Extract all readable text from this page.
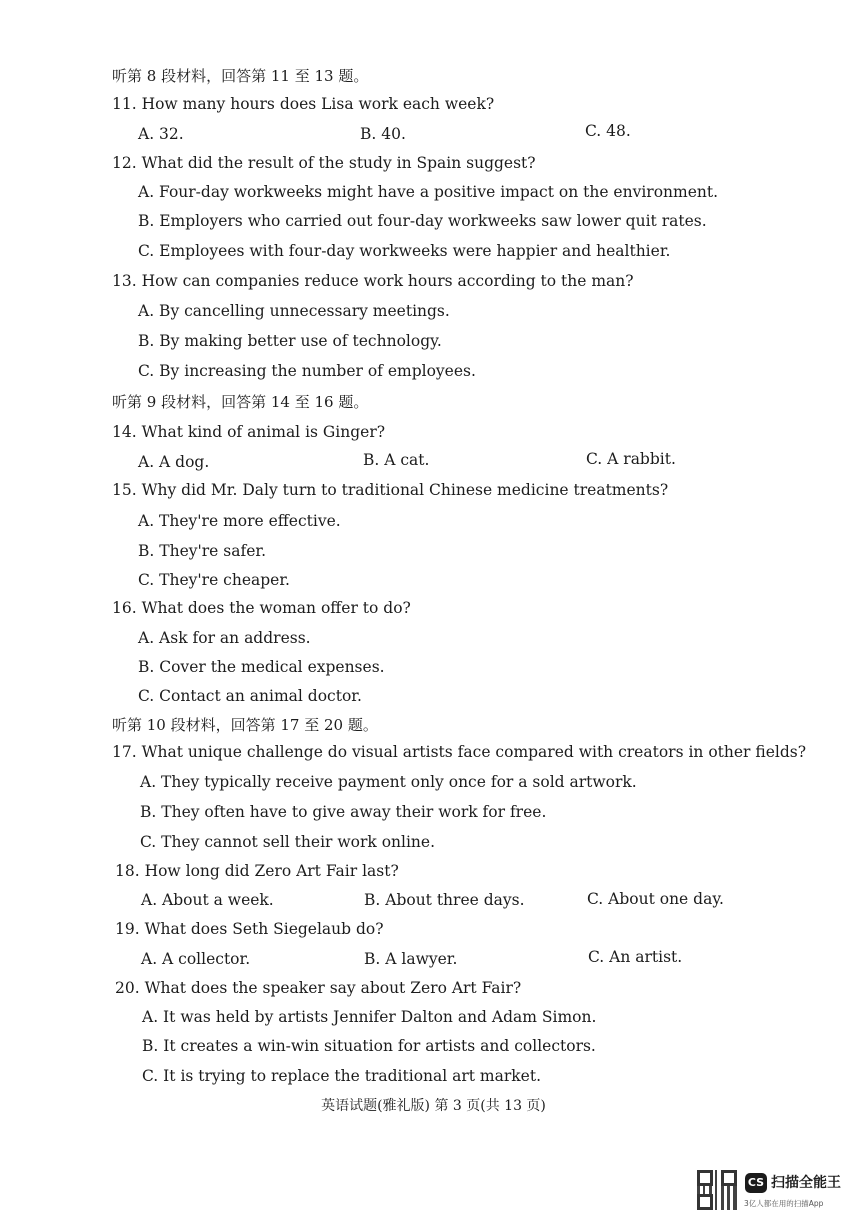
听第 8 段材料，回答第 11 至 13 题。
11. How many hours does Lisa work each week?
A. 32.	B. 40.	C. 48.
12. What did the result of the study in Spain suggest?
A. Four-day workweeks might have a positive impact on the environment.
B. Employers who carried out four-day workweeks saw lower quit rates.
C. Employees with four-day workweeks were happier and healthier.
13. How can companies reduce work hours according to the man?
A. By cancelling unnecessary meetings.
B. By making better use of technology.
C. By increasing the number of employees.
听第 9 段材料，回答第 14 至 16 题。
14. What kind of animal is Ginger?
A. A dog.	B. A cat.	C. A rabbit.
15. Why did Mr. Daly turn to traditional Chinese medicine treatments?
A. They're more effective.
B. They're safer.
C. They're cheaper.
16. What does the woman offer to do?
A. Ask for an address.
B. Cover the medical expenses.
C. Contact an animal doctor.
听第 10 段材料，回答第 17 至 20 题。
17. What unique challenge do visual artists face compared with creators in other fields?
A. They typically receive payment only once for a sold artwork.
B. They often have to give away their work for free.
C. They cannot sell their work online.
18. How long did Zero Art Fair last?
A. About a week.	B. About three days.	C. About one day.
19. What does Seth Siegelaub do?
A. A collector.	B. A lawyer.	C. An artist.
20. What does the speaker say about Zero Art Fair?
A. It was held by artists Jennifer Dalton and Adam Simon.
B. It creates a win-win situation for artists and collectors.
C. It is trying to replace the traditional art market.
英语试题(雅礼版) 第 3 页(共 13 页)
CS 扫描全能王
3亿人都在用的扫描App
